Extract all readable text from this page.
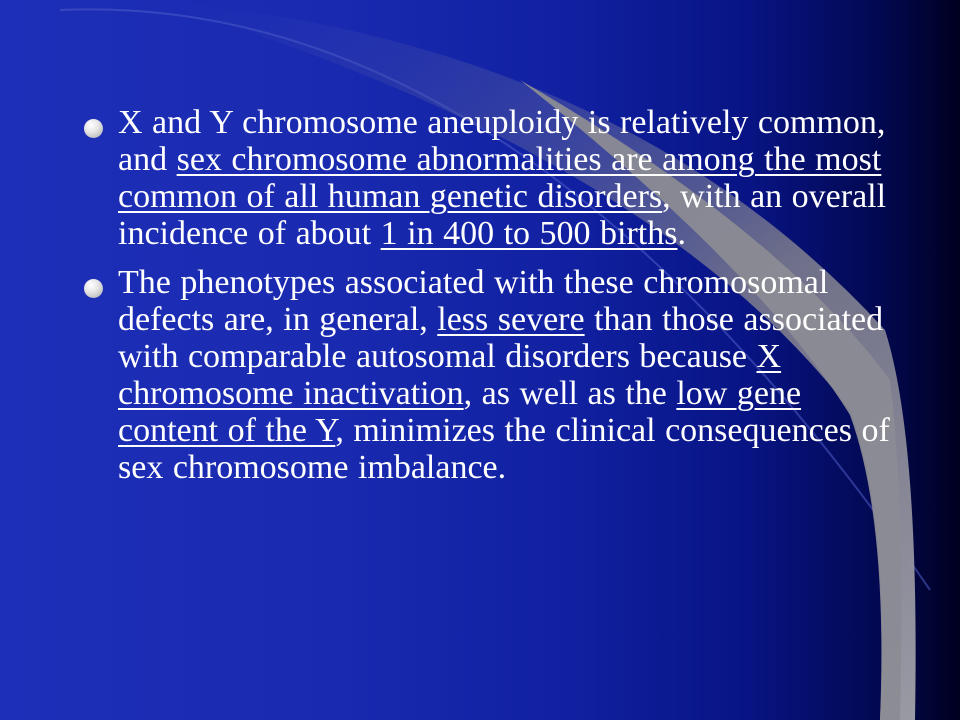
X and Y chromosome aneuploidy is relatively common, and sex chromosome abnormalities are among the most common of all human genetic disorders, with an overall incidence of about 1 in 400 to 500 births.
The phenotypes associated with these chromosomal defects are, in general, less severe than those associated with comparable autosomal disorders because X chromosome inactivation, as well as the low gene content of the Y, minimizes the clinical consequences of sex chromosome imbalance.
